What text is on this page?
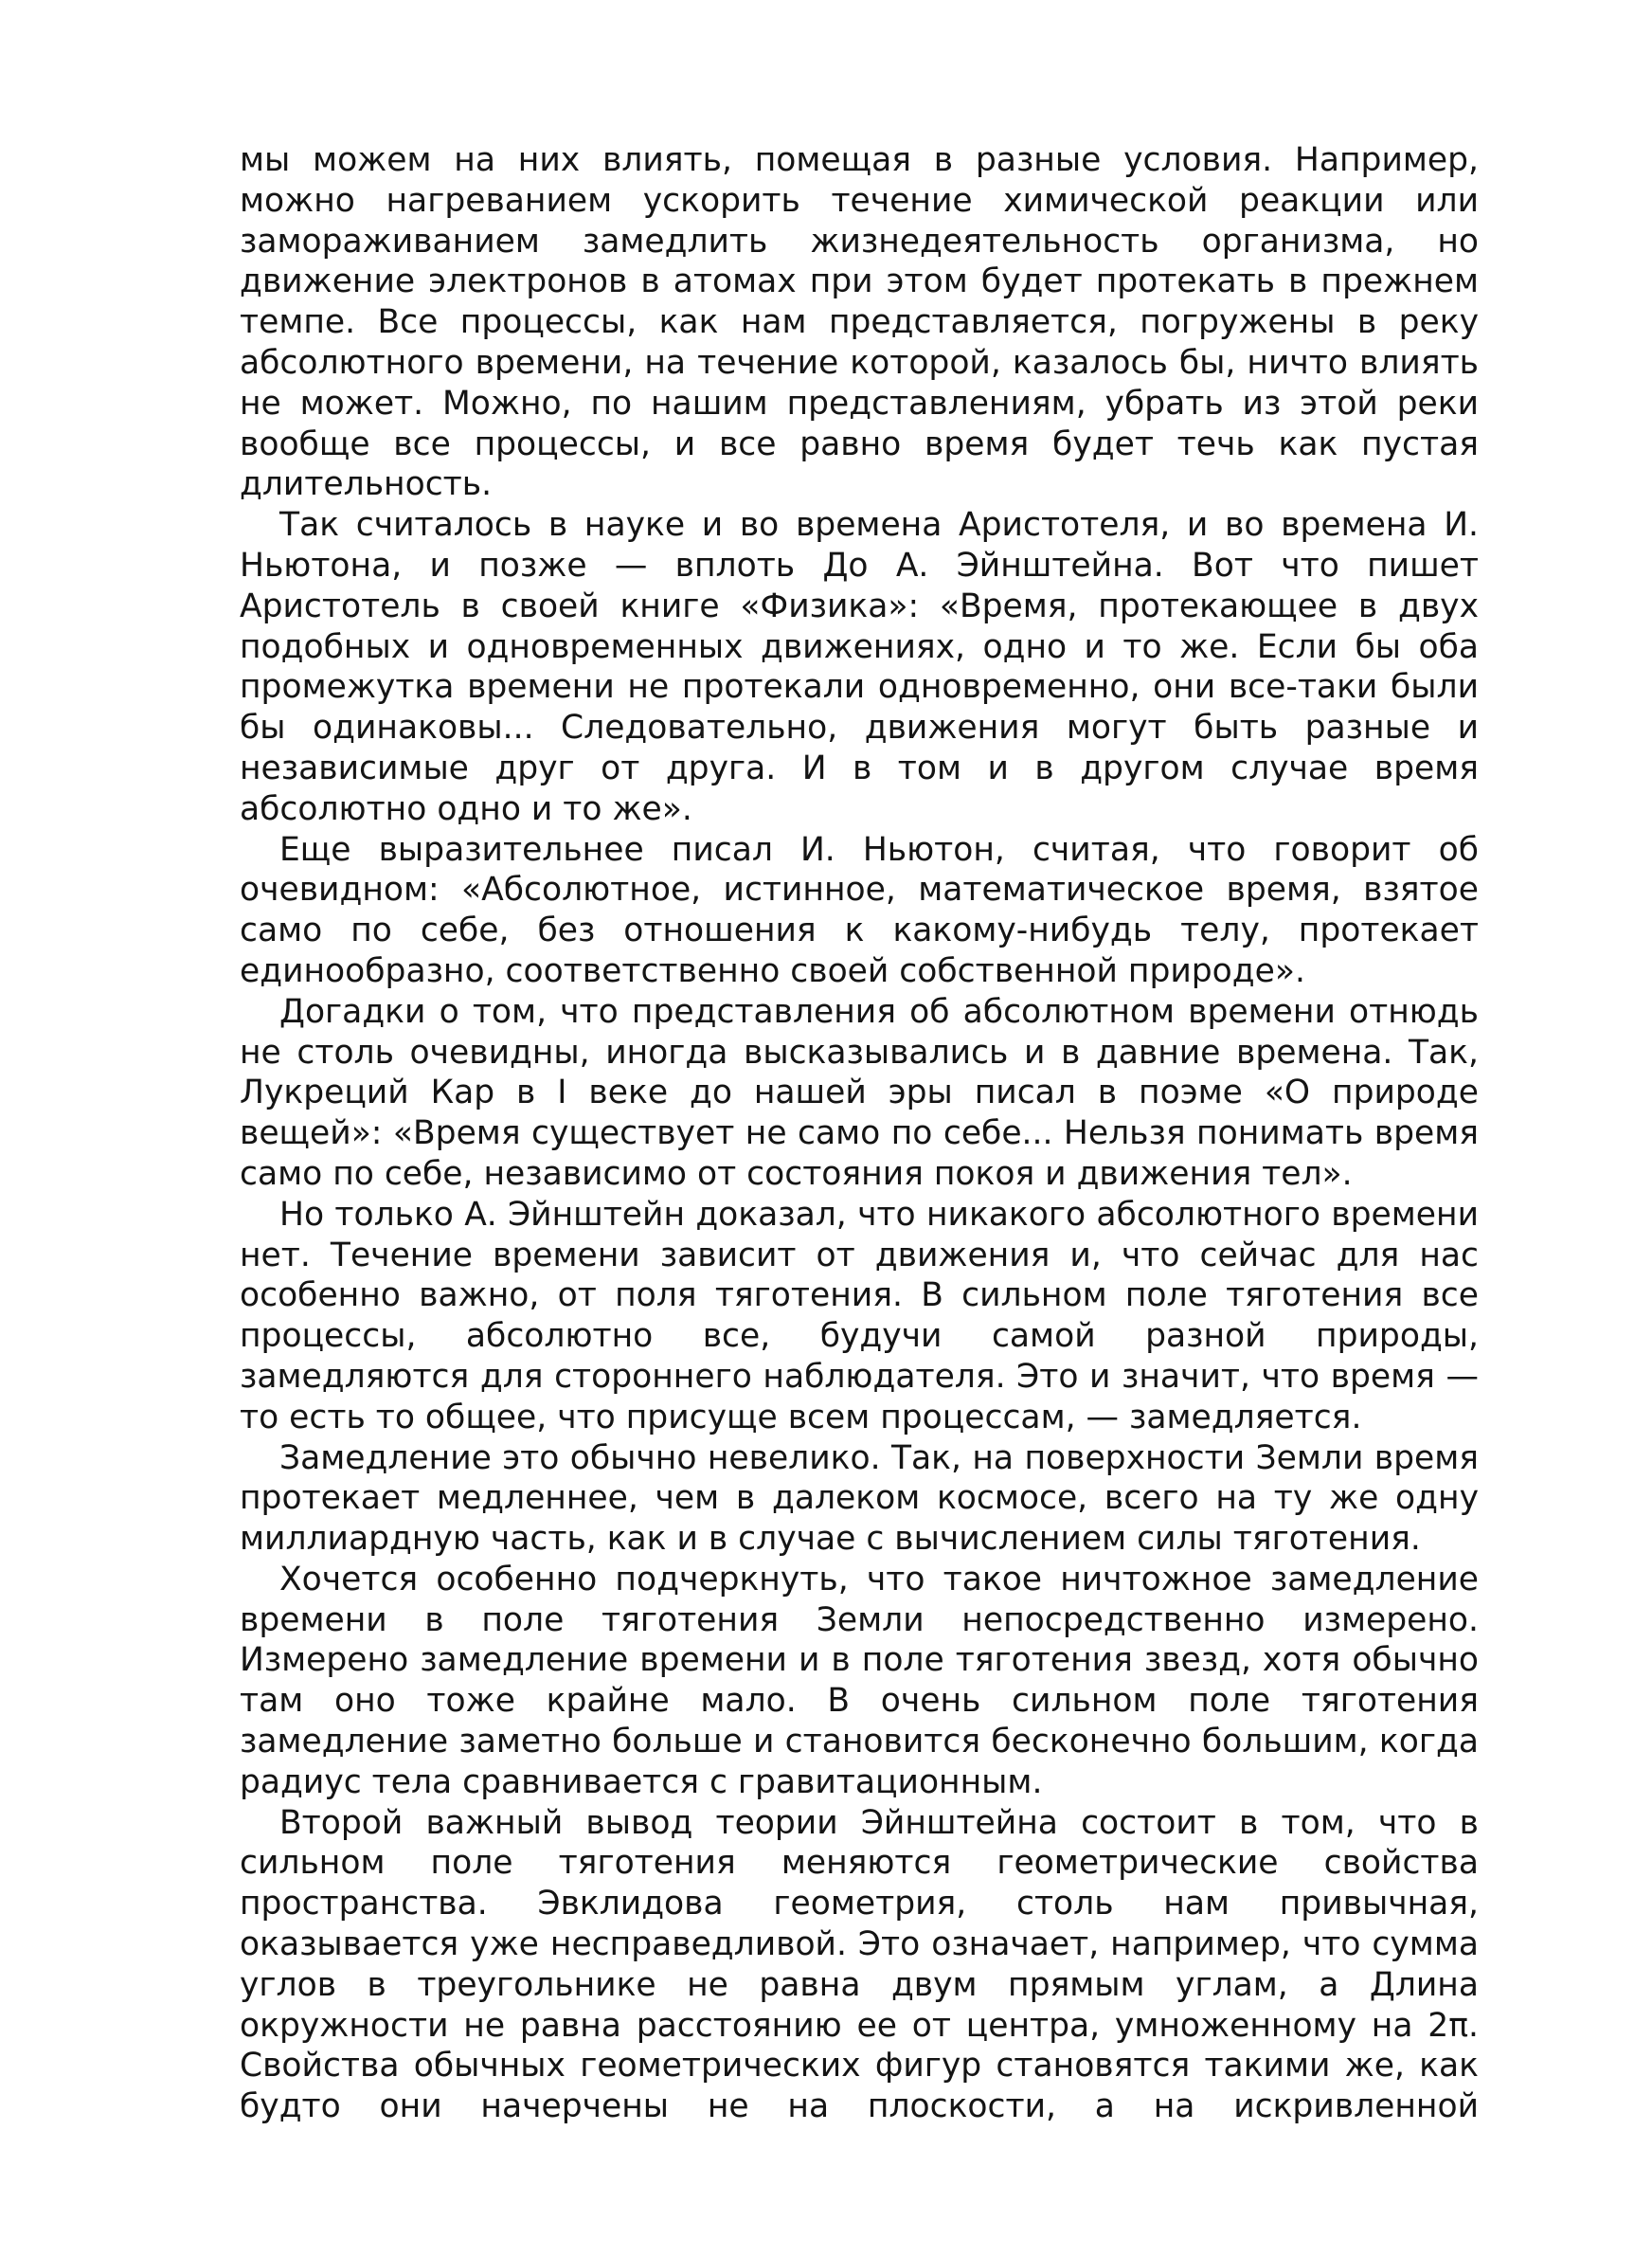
мы можем на них влиять, помещая в разные условия. Например, можно нагреванием ускорить течение химической реакции или замораживанием замедлить жизнедеятельность организма, но движение электронов в атомах при этом будет протекать в прежнем темпе. Все процессы, как нам представляется, погружены в реку абсолютного времени, на течение которой, казалось бы, ничто влиять не может. Можно, по нашим представлениям, убрать из этой реки вообще все процессы, и все равно время будет течь как пустая длительность.

Так считалось в науке и во времена Аристотеля, и во времена И. Ньютона, и позже — вплоть До А. Эйнштейна. Вот что пишет Аристотель в своей книге «Физика»: «Время, протекающее в двух подобных и одновременных движениях, одно и то же. Если бы оба промежутка времени не протекали одновременно, они все-таки были бы одинаковы... Следовательно, движения могут быть разные и независимые друг от друга. И в том и в другом случае время абсолютно одно и то же».

Еще выразительнее писал И. Ньютон, считая, что говорит об очевидном: «Абсолютное, истинное, математическое время, взятое само по себе, без отношения к какому-нибудь телу, протекает единообразно, соответственно своей собственной природе».

Догадки о том, что представления об абсолютном времени отнюдь не столь очевидны, иногда высказывались и в давние времена. Так, Лукреций Кар в I веке до нашей эры писал в поэме «О природе вещей»: «Время существует не само по себе... Нельзя понимать время само по себе, независимо от состояния покоя и движения тел».

Но только А. Эйнштейн доказал, что никакого абсолютного времени нет. Течение времени зависит от движения и, что сейчас для нас особенно важно, от поля тяготения. В сильном поле тяготения все процессы, абсолютно все, будучи самой разной природы, замедляются для стороннего наблюдателя. Это и значит, что время — то есть то общее, что присуще всем процессам, — замедляется.

Замедление это обычно невелико. Так, на поверхности Земли время протекает медленнее, чем в далеком космосе, всего на ту же одну миллиардную часть, как и в случае с вычислением силы тяготения.

Хочется особенно подчеркнуть, что такое ничтожное замедление времени в поле тяготения Земли непосредственно измерено. Измерено замедление времени и в поле тяготения звезд, хотя обычно там оно тоже крайне мало. В очень сильном поле тяготения замедление заметно больше и становится бесконечно большим, когда радиус тела сравнивается с гравитационным.

Второй важный вывод теории Эйнштейна состоит в том, что в сильном поле тяготения меняются геометрические свойства пространства. Эвклидова геометрия, столь нам привычная, оказывается уже несправедливой. Это означает, например, что сумма углов в треугольнике не равна двум прямым углам, а Длина окружности не равна расстоянию ее от центра, умноженному на 2π. Свойства обычных геометрических фигур становятся такими же, как будто они начерчены не на плоскости, а на искривленной
